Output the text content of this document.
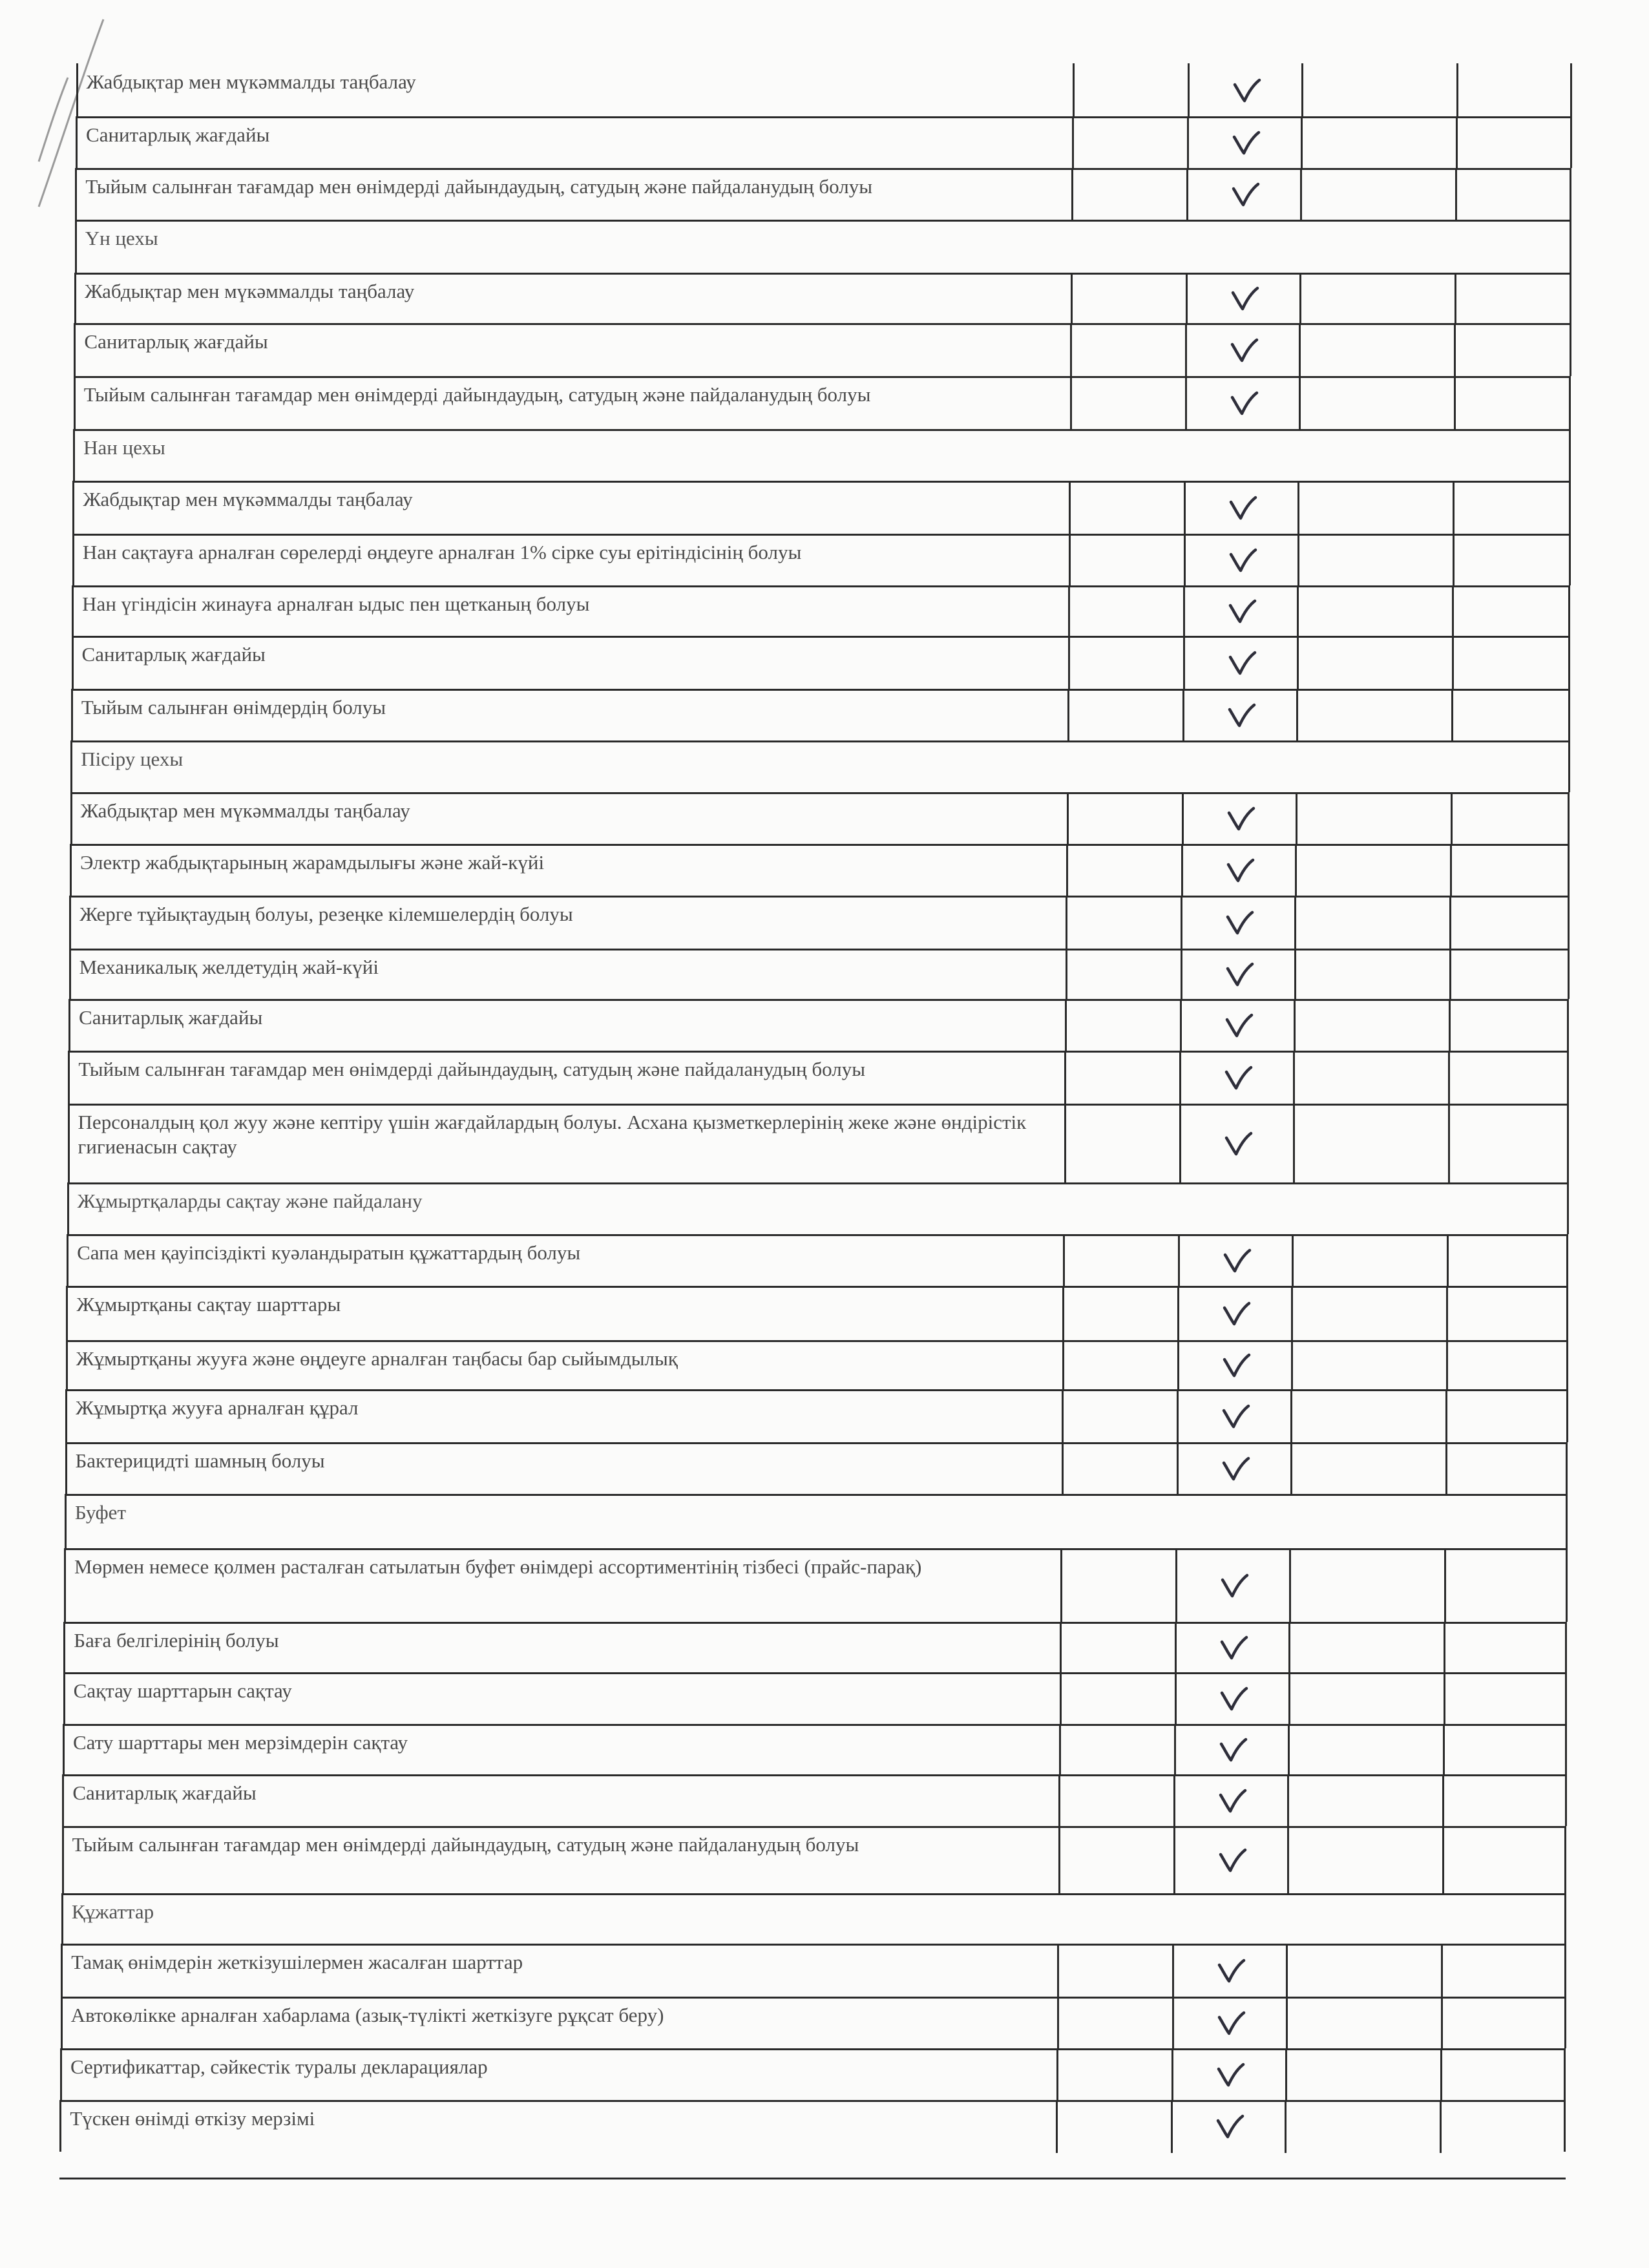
Жабдықтар мен мүкәммалды таңбалау
Санитарлық жағдайы
Тыйым салынған тағамдар мен өнімдерді дайындаудың, сатудың және пайдаланудың болуы
Үн цехы
Жабдықтар мен мүкәммалды таңбалау
Санитарлық жағдайы
Тыйым салынған тағамдар мен өнімдерді дайындаудың, сатудың және пайдаланудың болуы
Нан цехы
Жабдықтар мен мүкәммалды таңбалау
Нан сақтауға арналған сөрелерді өңдеуге арналған 1% сірке суы ерітіндісінің болуы
Нан үгіндісін жинауға арналған ыдыс пен щетканың болуы
Санитарлық жағдайы
Тыйым салынған өнімдердің болуы
Пісіру цехы
Жабдықтар мен мүкәммалды таңбалау
Электр жабдықтарының жарамдылығы және жай-күйі
Жерге тұйықтаудың болуы, резеңке кілемшелердің болуы
Механикалық желдетудің жай-күйі
Санитарлық жағдайы
Тыйым салынған тағамдар мен өнімдерді дайындаудың, сатудың және пайдаланудың болуы
Персоналдың қол жуу және кептіру үшін жағдайлардың болуы. Асхана қызметкерлерінің жеке және өндірістік гигиенасын сақтау
Жұмыртқаларды сақтау және пайдалану
Сапа мен қауіпсіздікті куәландыратын құжаттардың болуы
Жұмыртқаны сақтау шарттары
Жұмыртқаны жууға және өңдеуге арналған таңбасы бар сыйымдылық
Жұмыртқа жууға арналған құрал
Бактерицидті шамның болуы
Буфет
Мөрмен немесе қолмен расталған сатылатын буфет өнімдері ассортиментінің тізбесі (прайс-парақ)
Баға белгілерінің болуы
Сақтау шарттарын сақтау
Сату шарттары мен мерзімдерін сақтау
Санитарлық жағдайы
Тыйым салынған тағамдар мен өнімдерді дайындаудың, сатудың және пайдаланудың болуы
Құжаттар
Тамақ өнімдерін жеткізушілермен жасалған шарттар
Автокөлікке арналған хабарлама (азық-түлікті жеткізуге рұқсат беру)
Сертификаттар, сәйкестік туралы декларациялар
Түскен өнімді өткізу мерзімі
